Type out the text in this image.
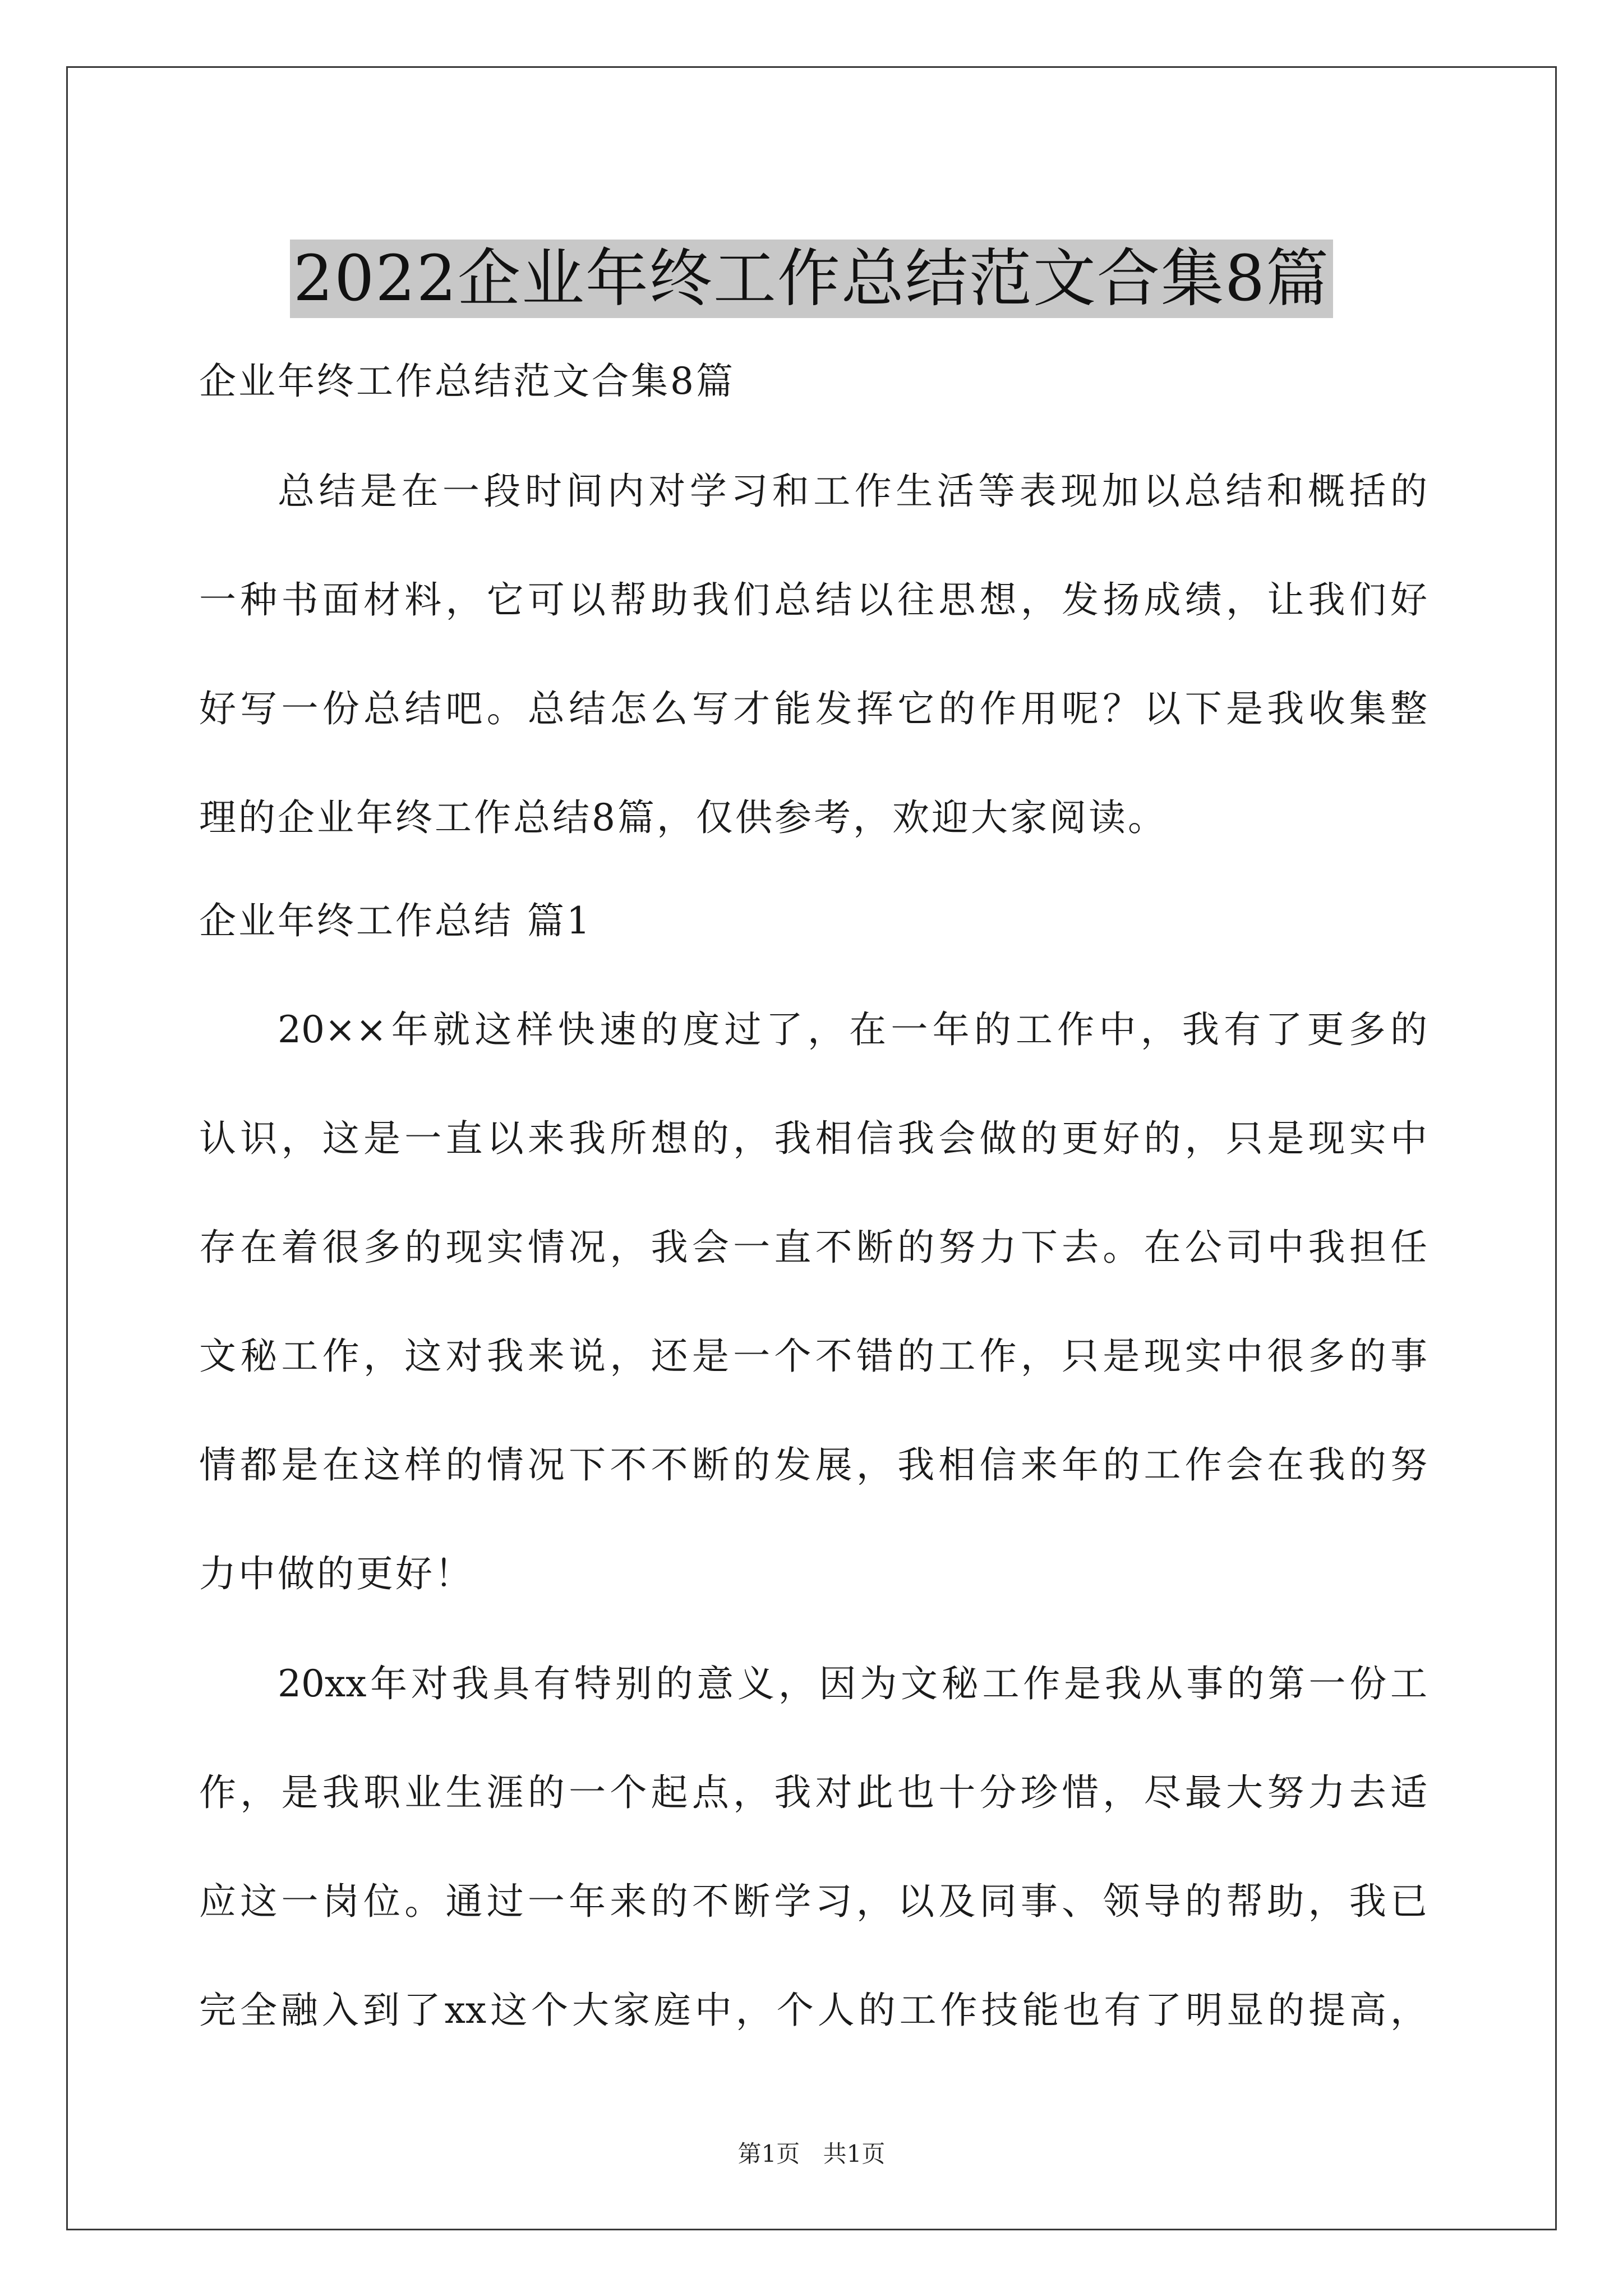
2022企业年终工作总结范文合集8篇
企业年终工作总结范文合集8篇
总结是在一段时间内对学习和工作生活等表现加以总结和概括的
一种书面材料，它可以帮助我们总结以往思想，发扬成绩，让我们好
好写一份总结吧。总结怎么写才能发挥它的作用呢？以下是我收集整
理的企业年终工作总结8篇，仅供参考，欢迎大家阅读。
企业年终工作总结 篇1
20××年就这样快速的度过了，在一年的工作中，我有了更多的
认识，这是一直以来我所想的，我相信我会做的更好的，只是现实中
存在着很多的现实情况，我会一直不断的努力下去。在公司中我担任
文秘工作，这对我来说，还是一个不错的工作，只是现实中很多的事
情都是在这样的情况下不不断的发展，我相信来年的工作会在我的努
力中做的更好！
20xx年对我具有特别的意义，因为文秘工作是我从事的第一份工
作，是我职业生涯的一个起点，我对此也十分珍惜，尽最大努力去适
应这一岗位。通过一年来的不断学习，以及同事、领导的帮助，我已
完全融入到了xx这个大家庭中，个人的工作技能也有了明显的提高，
第1页 共1页
